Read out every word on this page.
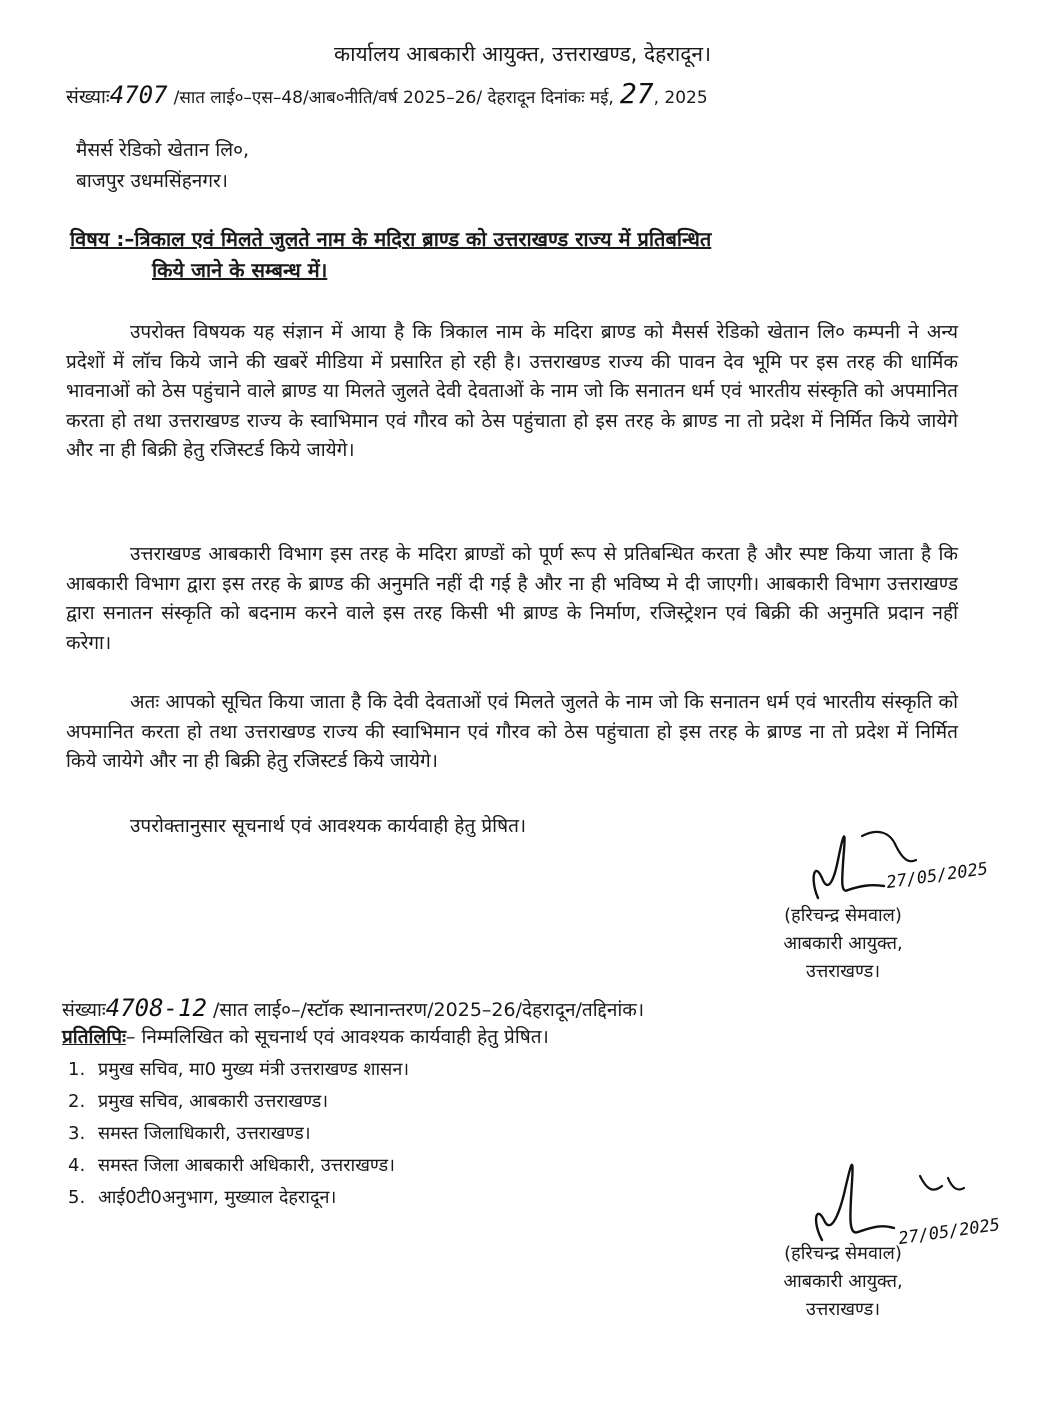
कार्यालय आबकारी आयुक्त, उत्तराखण्ड, देहरादून।
संख्याः4707 /सात लाई०–एस–48/आब०नीति/वर्ष 2025–26/ देहरादून दिनांकः मई, 27, 2025
मैसर्स रेडिको खेतान लि०,
बाजपुर उधमसिंहनगर।
विषय :–त्रिकाल एवं मिलते जुलते नाम के मदिरा ब्राण्ड को उत्तराखण्ड राज्य में प्रतिबन्धित
किये जाने के सम्बन्ध में।
उपरोक्त विषयक यह संज्ञान में आया है कि त्रिकाल नाम के मदिरा ब्राण्ड को मैसर्स रेडिको खेतान लि० कम्पनी ने अन्य प्रदेशों में लॉच किये जाने की खबरें मीडिया में प्रसारित हो रही है। उत्तराखण्ड राज्य की पावन देव भूमि पर इस तरह की धार्मिक भावनाओं को ठेस पहुंचाने वाले ब्राण्ड या मिलते जुलते देवी देवताओं के नाम जो कि सनातन धर्म एवं भारतीय संस्कृति को अपमानित करता हो तथा उत्तराखण्ड राज्य के स्वाभिमान एवं गौरव को ठेस पहुंचाता हो इस तरह के ब्राण्ड ना तो प्रदेश में निर्मित किये जायेगे और ना ही बिक्री हेतु रजिस्टर्ड किये जायेगे।
उत्तराखण्ड आबकारी विभाग इस तरह के मदिरा ब्राण्डों को पूर्ण रूप से प्रतिबन्धित करता है और स्पष्ट किया जाता है कि आबकारी विभाग द्वारा इस तरह के ब्राण्ड की अनुमति नहीं दी गई है और ना ही भविष्य मे दी जाएगी। आबकारी विभाग उत्तराखण्ड द्वारा सनातन संस्कृति को बदनाम करने वाले इस तरह किसी भी ब्राण्ड के निर्माण, रजिस्ट्रेशन एवं बिक्री की अनुमति प्रदान नहीं करेगा।
अतः आपको सूचित किया जाता है कि देवी देवताओं एवं मिलते जुलते के नाम जो कि सनातन धर्म एवं भारतीय संस्कृति को अपमानित करता हो तथा उत्तराखण्ड राज्य की स्वाभिमान एवं गौरव को ठेस पहुंचाता हो इस तरह के ब्राण्ड ना तो प्रदेश में निर्मित किये जायेगे और ना ही बिक्री हेतु रजिस्टर्ड किये जायेगे।
उपरोक्तानुसार सूचनार्थ एवं आवश्यक कार्यवाही हेतु प्रेषित।
27/05/2025
(हरिचन्द्र सेमवाल)
आबकारी आयुक्त,
उत्तराखण्ड।
संख्याः4708-12 /सात लाई०–/स्टॉक स्थानान्तरण/2025–26/देहरादून/तद्दिनांक।
प्रतिलिपिः– निम्मलिखित को सूचनार्थ एवं आवश्यक कार्यवाही हेतु प्रेषित।
1. प्रमुख सचिव, मा0 मुख्य मंत्री उत्तराखण्ड शासन।
2. प्रमुख सचिव, आबकारी उत्तराखण्ड।
3. समस्त जिलाधिकारी, उत्तराखण्ड।
4. समस्त जिला आबकारी अधिकारी, उत्तराखण्ड।
5. आई0टी0अनुभाग, मुख्याल देहरादून।
27/05/2025
(हरिचन्द्र सेमवाल)
आबकारी आयुक्त,
उत्तराखण्ड।
